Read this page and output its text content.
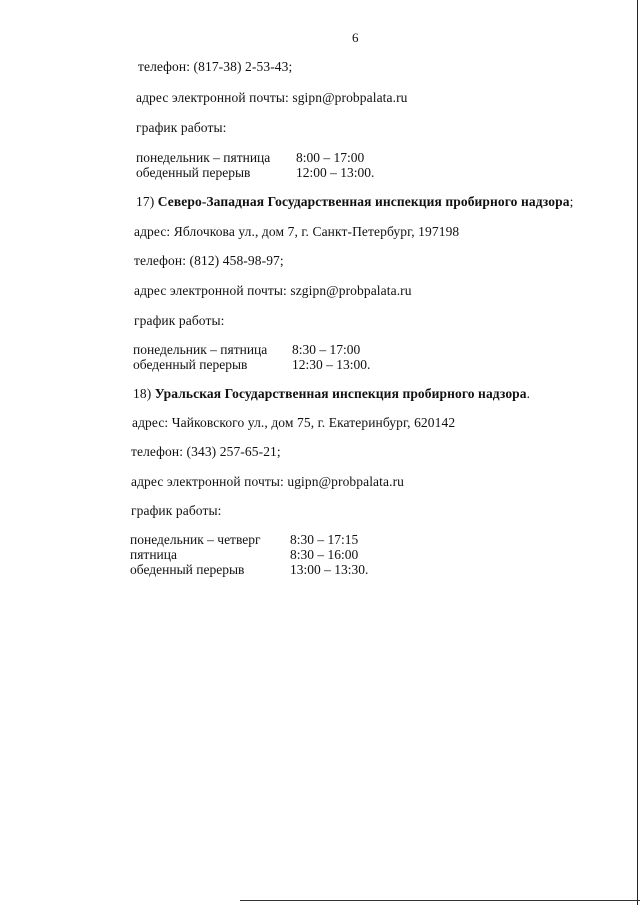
6
телефон: (817-38) 2-53-43;
адрес электронной почты: sgipn@probpalata.ru
график работы:
понедельник – пятница 8:00 – 17:00
обеденный перерыв	12:00 – 13:00.
17) Северо-Западная Государственная инспекция пробирного надзора;
адрес: Яблочкова ул., дом 7, г. Санкт-Петербург, 197198
телефон: (812) 458-98-97;
адрес электронной почты: szgipn@probpalata.ru
график работы:
понедельник – пятница 8:30 – 17:00
обеденный перерыв	12:30 – 13:00.
18) Уральская Государственная инспекция пробирного надзора.
адрес: Чайковского ул., дом 75, г. Екатеринбург, 620142
телефон: (343) 257-65-21;
адрес электронной почты: ugipn@probpalata.ru
график работы:
понедельник – четверг 8:30 – 17:15
пятница	8:30 – 16:00
обеденный перерыв	13:00 – 13:30.
